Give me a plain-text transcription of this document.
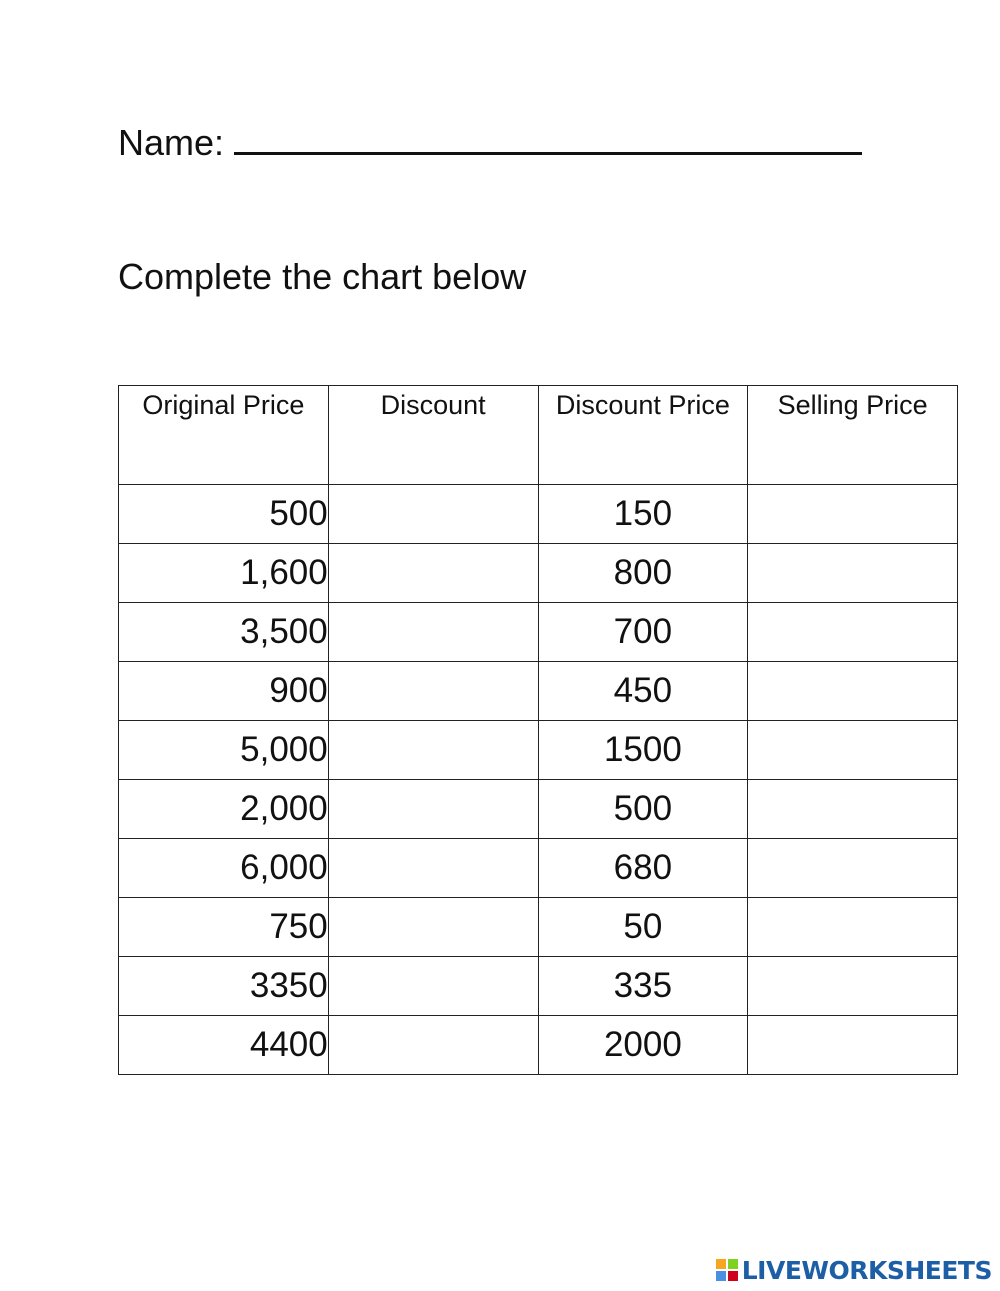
Name:
Complete the chart below
Original Price	Discount	Discount Price	Selling Price
500		150	
1,600		800	
3,500		700	
900		450	
5,000		1500	
2,000		500	
6,000		680	
750		50	
3350		335	
4400		2000	
LIVEWORKSHEETS
